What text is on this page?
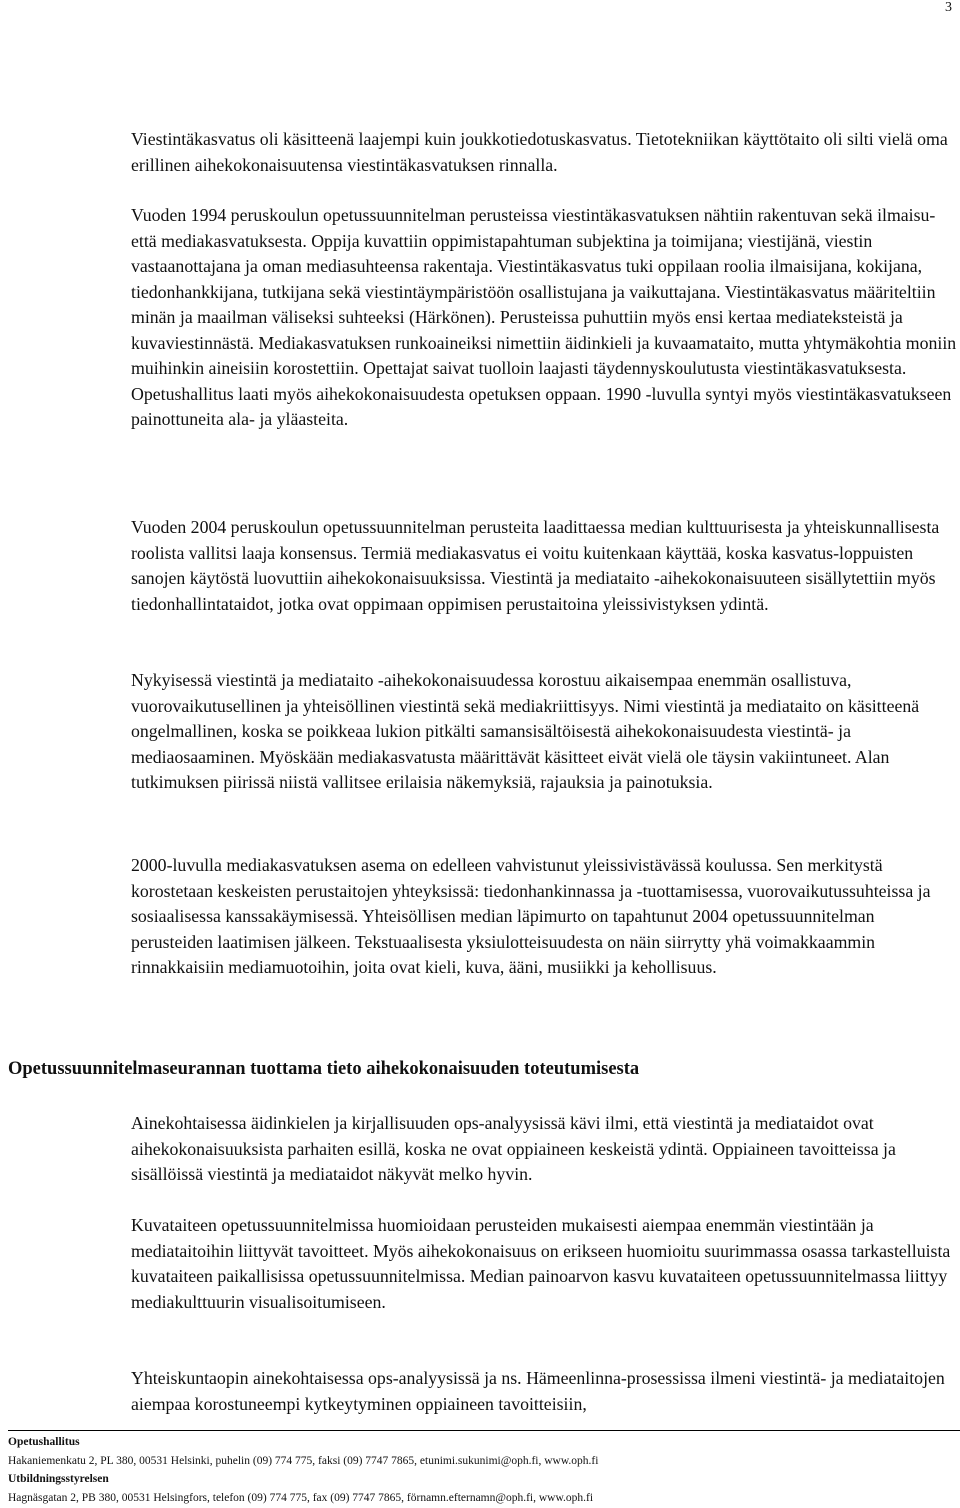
3

Viestintäkasvatus oli käsitteenä laajempi kuin joukkotiedotuskasvatus. Tietotekniikan käyttötaito oli silti vielä oma erillinen aihekokonaisuutensa viestintäkasvatuksen rinnalla.

Vuoden 1994 peruskoulun opetussuunnitelman perusteissa viestintäkasvatuksen nähtiin rakentuvan sekä ilmaisu- että mediakasvatuksesta. Oppija kuvattiin oppimistapahtuman subjektina ja toimijana; viestijänä, viestin vastaanottajana ja oman mediasuhteensa rakentaja. Viestintäkasvatus tuki oppilaan roolia ilmaisijana, kokijana, tiedonhankkijana, tutkijana sekä viestintäympäristöön osallistujana ja vaikuttajana. Viestintäkasvatus määriteltiin minän ja maailman väliseksi suhteeksi (Härkönen). Perusteissa puhuttiin myös ensi kertaa mediateksteistä ja kuvaviestinnästä. Mediakasvatuksen runkoaineiksi nimettiin äidinkieli ja kuvaamataito, mutta yhtymäkohtia moniin muihinkin aineisiin korostettiin. Opettajat saivat tuolloin laajasti täydennyskoulutusta viestintäkasvatuksesta. Opetushallitus laati myös aihekokonaisuudesta opetuksen oppaan. 1990 -luvulla syntyi myös viestintäkasvatukseen painottuneita ala- ja yläasteita.

Vuoden 2004 peruskoulun opetussuunnitelman perusteita laadittaessa median kulttuurisesta ja yhteiskunnallisesta roolista vallitsi laaja konsensus. Termiä mediakasvatus ei voitu kuitenkaan käyttää, koska kasvatus-loppuisten sanojen käytöstä luovuttiin aihekokonaisuuksissa. Viestintä ja mediataito -aihekokonaisuuteen sisällytettiin myös tiedonhallintataidot, jotka ovat oppimaan oppimisen perustaitoina yleissivistyksen ydintä.

Nykyisessä viestintä ja mediataito -aihekokonaisuudessa korostuu aikaisempaa enemmän osallistuva, vuorovaikutusellinen ja yhteisöllinen viestintä sekä mediakriittisyys. Nimi viestintä ja mediataito on käsitteenä ongelmallinen, koska se poikkeaa lukion pitkälti samansisältöisestä aihekokonaisuudesta viestintä- ja mediaosaaminen. Myöskään mediakasvatusta määrittävät käsitteet eivät vielä ole täysin vakiintuneet. Alan tutkimuksen piirissä niistä vallitsee erilaisia näkemyksiä, rajauksia ja painotuksia.

2000-luvulla mediakasvatuksen asema on edelleen vahvistunut yleissivistävässä koulussa. Sen merkitystä korostetaan keskeisten perustaitojen yhteyksissä: tiedonhankinnassa ja -tuottamisessa, vuorovaikutussuhteissa ja sosiaalisessa kanssakäymisessä. Yhteisöllisen median läpimurto on tapahtunut 2004 opetussuunnitelman perusteiden laatimisen jälkeen. Tekstuaalisesta yksiulotteisuudesta on näin siirrytty yhä voimakkaammin rinnakkaisiin mediamuotoihin, joita ovat kieli, kuva, ääni, musiikki ja kehollisuus.

Opetussuunnitelmaseurannan tuottama tieto aihekokonaisuuden toteutumisesta

Ainekohtaisessa äidinkielen ja kirjallisuuden ops-analyysissä kävi ilmi, että viestintä ja mediataidot ovat aihekokonaisuuksista parhaiten esillä, koska ne ovat oppiaineen keskeistä ydintä. Oppiaineen tavoitteissa ja sisällöissä viestintä ja mediataidot näkyvät melko hyvin.

Kuvataiteen opetussuunnitelmissa huomioidaan perusteiden mukaisesti aiempaa enemmän viestintään ja mediataitoihin liittyvät tavoitteet. Myös aihekokonaisuus on erikseen huomioitu suurimmassa osassa tarkastelluista kuvataiteen paikallisissa opetussuunnitelmissa. Median painoarvon kasvu kuvataiteen opetussuunnitelmassa liittyy mediakulttuurin visualisoitumiseen.

Yhteiskuntaopin ainekohtaisessa ops-analyysissä ja ns. Hämeenlinna-prosessissa ilmeni viestintä- ja mediataitojen aiempaa korostuneempi kytkeytyminen oppiaineen tavoitteisiin,

Opetushallitus
Hakaniemenkatu 2, PL 380, 00531 Helsinki, puhelin (09) 774 775, faksi (09) 7747 7865, etunimi.sukunimi@oph.fi, www.oph.fi
Utbildningsstyrelsen
Hagnäsgatan 2, PB 380, 00531 Helsingfors, telefon (09) 774 775, fax (09) 7747 7865, förnamn.efternamn@oph.fi, www.oph.fi
